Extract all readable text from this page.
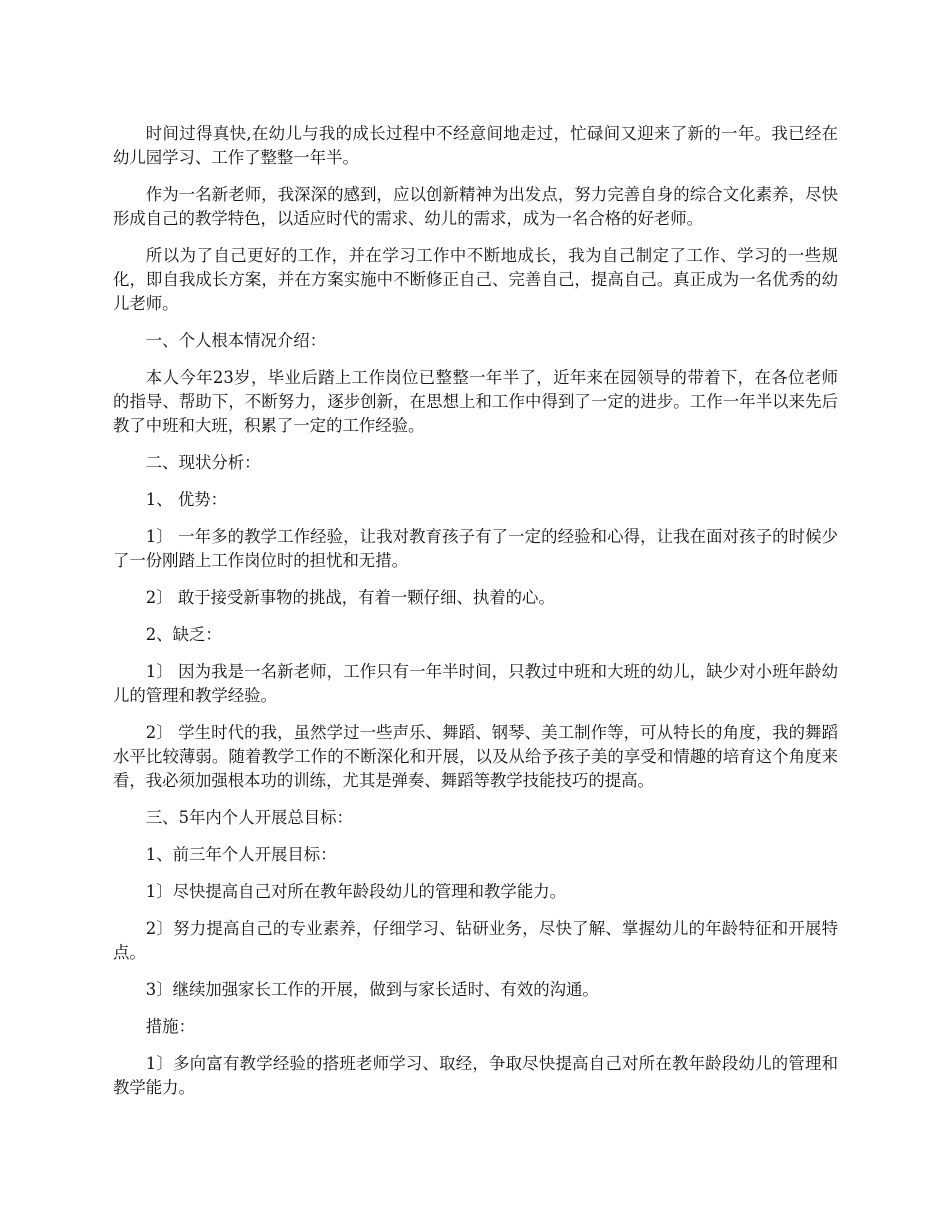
时间过得真快,在幼儿与我的成长过程中不经意间地走过，忙碌间又迎来了新的一年。我已经在幼儿园学习、工作了整整一年半。

作为一名新老师，我深深的感到，应以创新精神为出发点，努力完善自身的综合文化素养，尽快形成自己的教学特色，以适应时代的需求、幼儿的需求，成为一名合格的好老师。

所以为了自己更好的工作，并在学习工作中不断地成长，我为自己制定了工作、学习的一些规化，即自我成长方案，并在方案实施中不断修正自己、完善自己，提高自己。真正成为一名优秀的幼儿老师。

一、个人根本情况介绍：

本人今年23岁，毕业后踏上工作岗位已整整一年半了，近年来在园领导的带着下，在各位老师的指导、帮助下，不断努力，逐步创新，在思想上和工作中得到了一定的进步。工作一年半以来先后教了中班和大班，积累了一定的工作经验。

二、现状分析：

1、 优势：

1〕 一年多的教学工作经验，让我对教育孩子有了一定的经验和心得，让我在面对孩子的时候少了一份刚踏上工作岗位时的担忧和无措。

2〕 敢于接受新事物的挑战，有着一颗仔细、执着的心。

2、缺乏：

1〕 因为我是一名新老师，工作只有一年半时间，只教过中班和大班的幼儿，缺少对小班年龄幼儿的管理和教学经验。

2〕 学生时代的我，虽然学过一些声乐、舞蹈、钢琴、美工制作等，可从特长的角度，我的舞蹈水平比较薄弱。随着教学工作的不断深化和开展，以及从给予孩子美的享受和情趣的培育这个角度来看，我必须加强根本功的训练，尤其是弹奏、舞蹈等教学技能技巧的提高。

三、5年内个人开展总目标：

1、前三年个人开展目标：

1〕尽快提高自己对所在教年龄段幼儿的管理和教学能力。

2〕努力提高自己的专业素养，仔细学习、钻研业务，尽快了解、掌握幼儿的年龄特征和开展特点。

3〕继续加强家长工作的开展，做到与家长适时、有效的沟通。

措施：

1〕多向富有教学经验的搭班老师学习、取经，争取尽快提高自己对所在教年龄段幼儿的管理和教学能力。
